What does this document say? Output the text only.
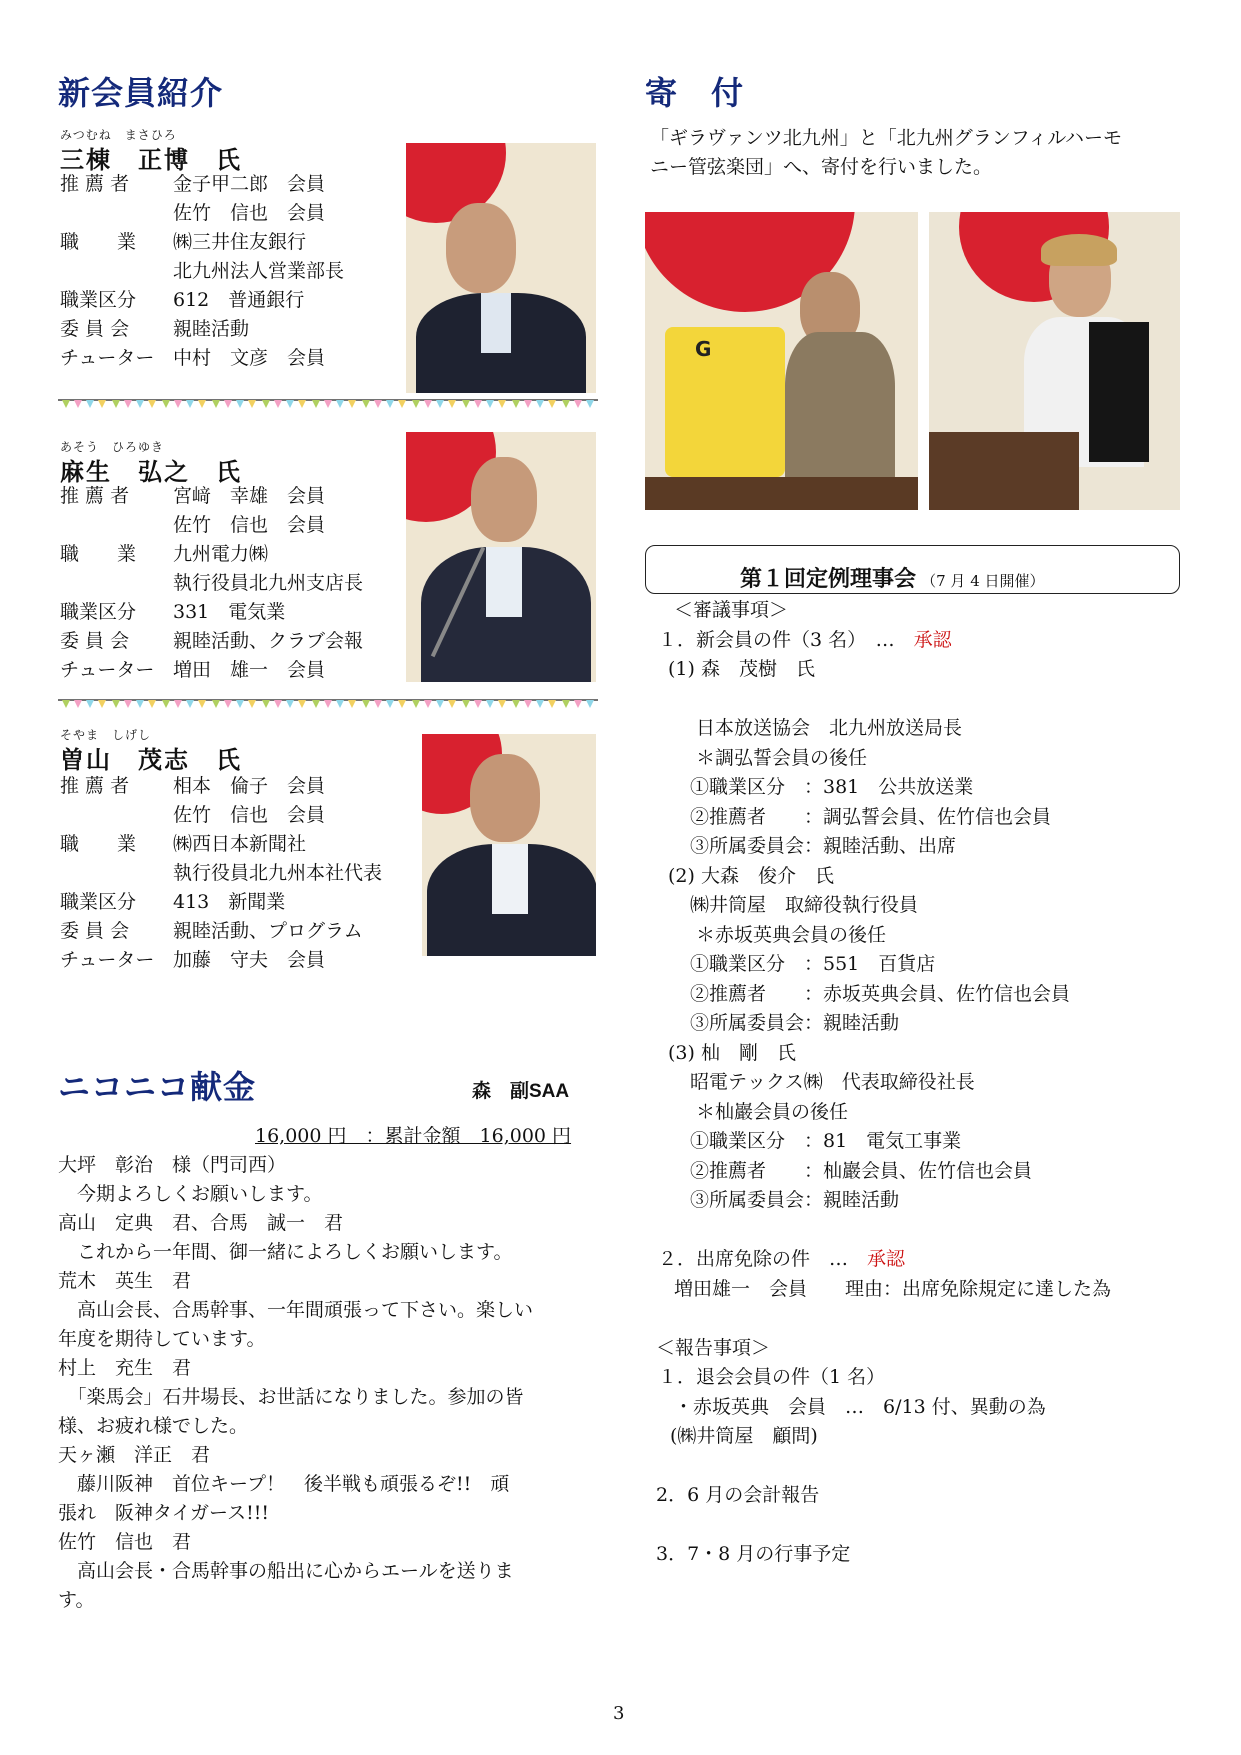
新会員紹介
みつむね　まさひろ
三棟　正博　氏
推 薦 者 金子甲二郎　会員
佐竹　信也　会員
職　　業 ㈱三井住友銀行
北九州法人営業部長
職業区分 612　普通銀行
委 員 会 親睦活動
チューター 中村　文彦　会員
あそう　ひろゆき
麻生　弘之　氏
推 薦 者 宮﨑　幸雄　会員
佐竹　信也　会員
職　　業 九州電力㈱
執行役員北九州支店長
職業区分 331　電気業
委 員 会 親睦活動、クラブ会報
チューター 増田　雄一　会員
そやま　しげし
曽山　茂志　氏
推 薦 者 相本　倫子　会員
佐竹　信也　会員
職　　業 ㈱西日本新聞社
執行役員北九州本社代表
職業区分 413　新聞業
委 員 会 親睦活動、プログラム
チューター 加藤　守夫　会員
ニコニコ献金	森　副SAA
16,000 円　：累計金額　16,000 円
大坪　彰治　様（門司西）
　今期よろしくお願いします。
高山　定典　君、合馬　誠一　君
　これから一年間、御一緒によろしくお願いします。
荒木　英生　君
　高山会長、合馬幹事、一年間頑張って下さい。楽しい
年度を期待しています。
村上　充生　君
　「楽馬会」石井場長、お世話になりました。参加の皆
様、お疲れ様でした。
天ヶ瀬　洋正　君
　藤川阪神　首位キープ！　後半戦も頑張るぞ!!　頑
張れ　阪神タイガース!!!
佐竹　信也　君
　高山会長・合馬幹事の船出に心からエールを送りま
す。
寄　付
「ギラヴァンツ北九州」と「北九州グランフィルハーモ
ニー管弦楽団」へ、寄付を行いました。
G
第１回定例理事会 （7 月 4 日開催）
＜審議事項＞
１．新会員の件（3 名）　…　承認
(1) 森　茂樹　氏
日本放送協会　北九州放送局長
＊調弘誓会員の後任
①職業区分　：381　公共放送業
②推薦者　　：調弘誓会員、佐竹信也会員
③所属委員会：親睦活動、出席
(2) 大森　俊介　氏
㈱井筒屋　取締役執行役員
＊赤坂英典会員の後任
①職業区分　：551　百貨店
②推薦者　　：赤坂英典会員、佐竹信也会員
③所属委員会：親睦活動
(3) 杣　剛　氏
昭電テックス㈱　代表取締役社長
＊杣巖会員の後任
①職業区分　：81　電気工事業
②推薦者　　：杣巖会員、佐竹信也会員
③所属委員会：親睦活動
２．出席免除の件　…　承認
増田雄一　会員　　理由：出席免除規定に達した為
＜報告事項＞
１．退会会員の件（1 名）
・赤坂英典　会員　…　6/13 付、異動の為
(㈱井筒屋　顧問)
2．6 月の会計報告
3．7・8 月の行事予定
3
